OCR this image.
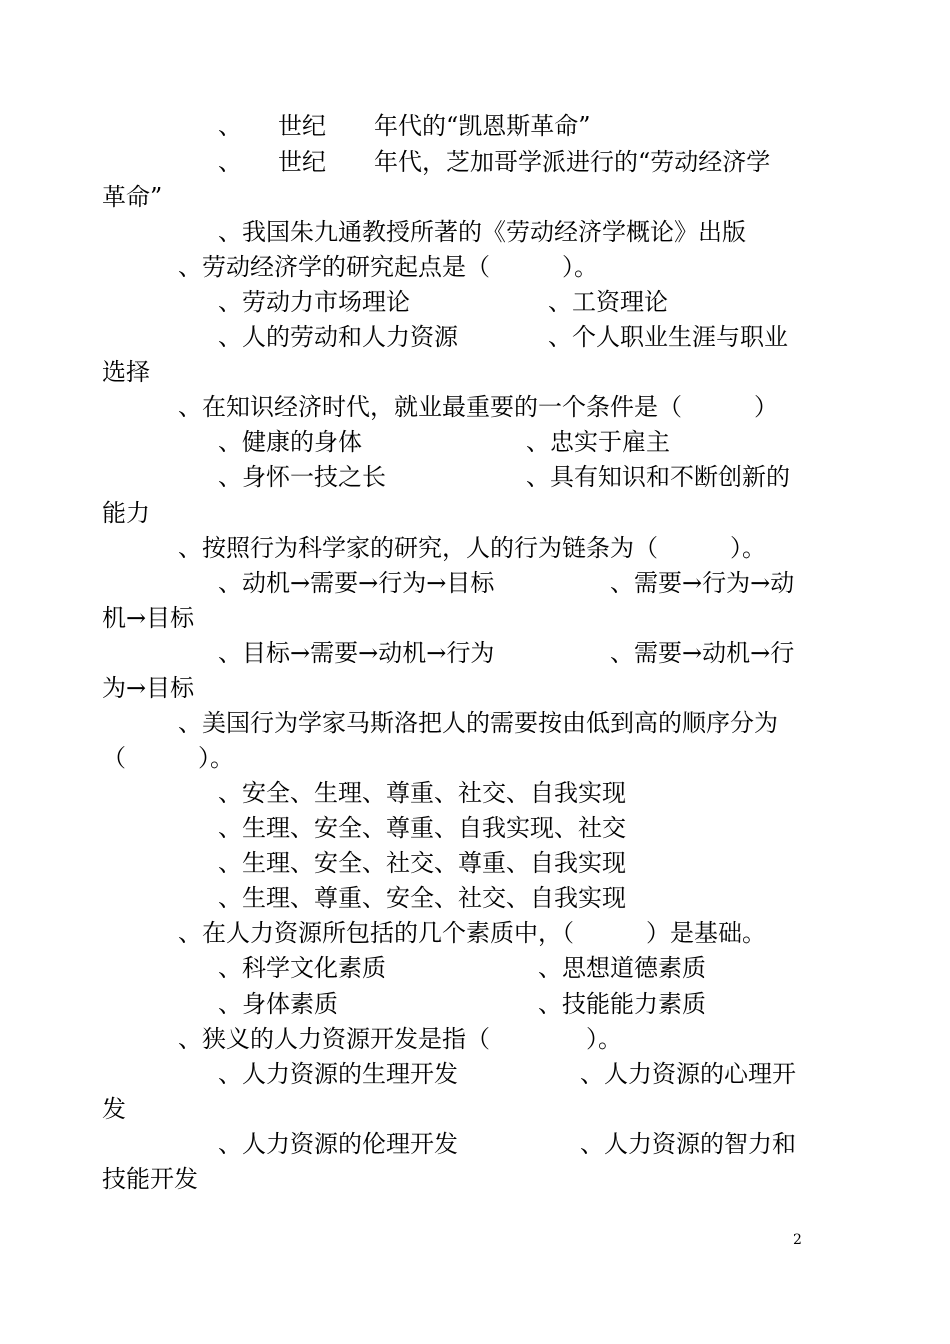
、　　世纪　　年代的“凯恩斯革命”
、　　世纪　　年代，芝加哥学派进行的“劳动经济学
革命”
、我国朱九通教授所著的《劳动经济学概论》出版
、劳动经济学的研究起点是（　　　）。
、劳动力市场理论	、工资理论
、人的劳动和人力资源	、个人职业生涯与职业
选择
、在知识经济时代，就业最重要的一个条件是（　　　）
、健康的身体	、忠实于雇主
、身怀一技之长	、具有知识和不断创新的
能力
、按照行为科学家的研究，人的行为链条为（　　　）。
、动机→需要→行为→目标	、需要→行为→动
机→目标
、目标→需要→动机→行为	、需要→动机→行
为→目标
、美国行为学家马斯洛把人的需要按由低到高的顺序分为
（　　　）。
、安全、生理、尊重、社交、自我实现
、生理、安全、尊重、自我实现、社交
、生理、安全、社交、尊重、自我实现
、生理、尊重、安全、社交、自我实现
、在人力资源所包括的几个素质中，（　　　）是基础。
、科学文化素质	、思想道德素质
、身体素质	、技能能力素质
、狭义的人力资源开发是指（　　　　）。
、人力资源的生理开发	、人力资源的心理开
发
、人力资源的伦理开发	、人力资源的智力和
技能开发
2
